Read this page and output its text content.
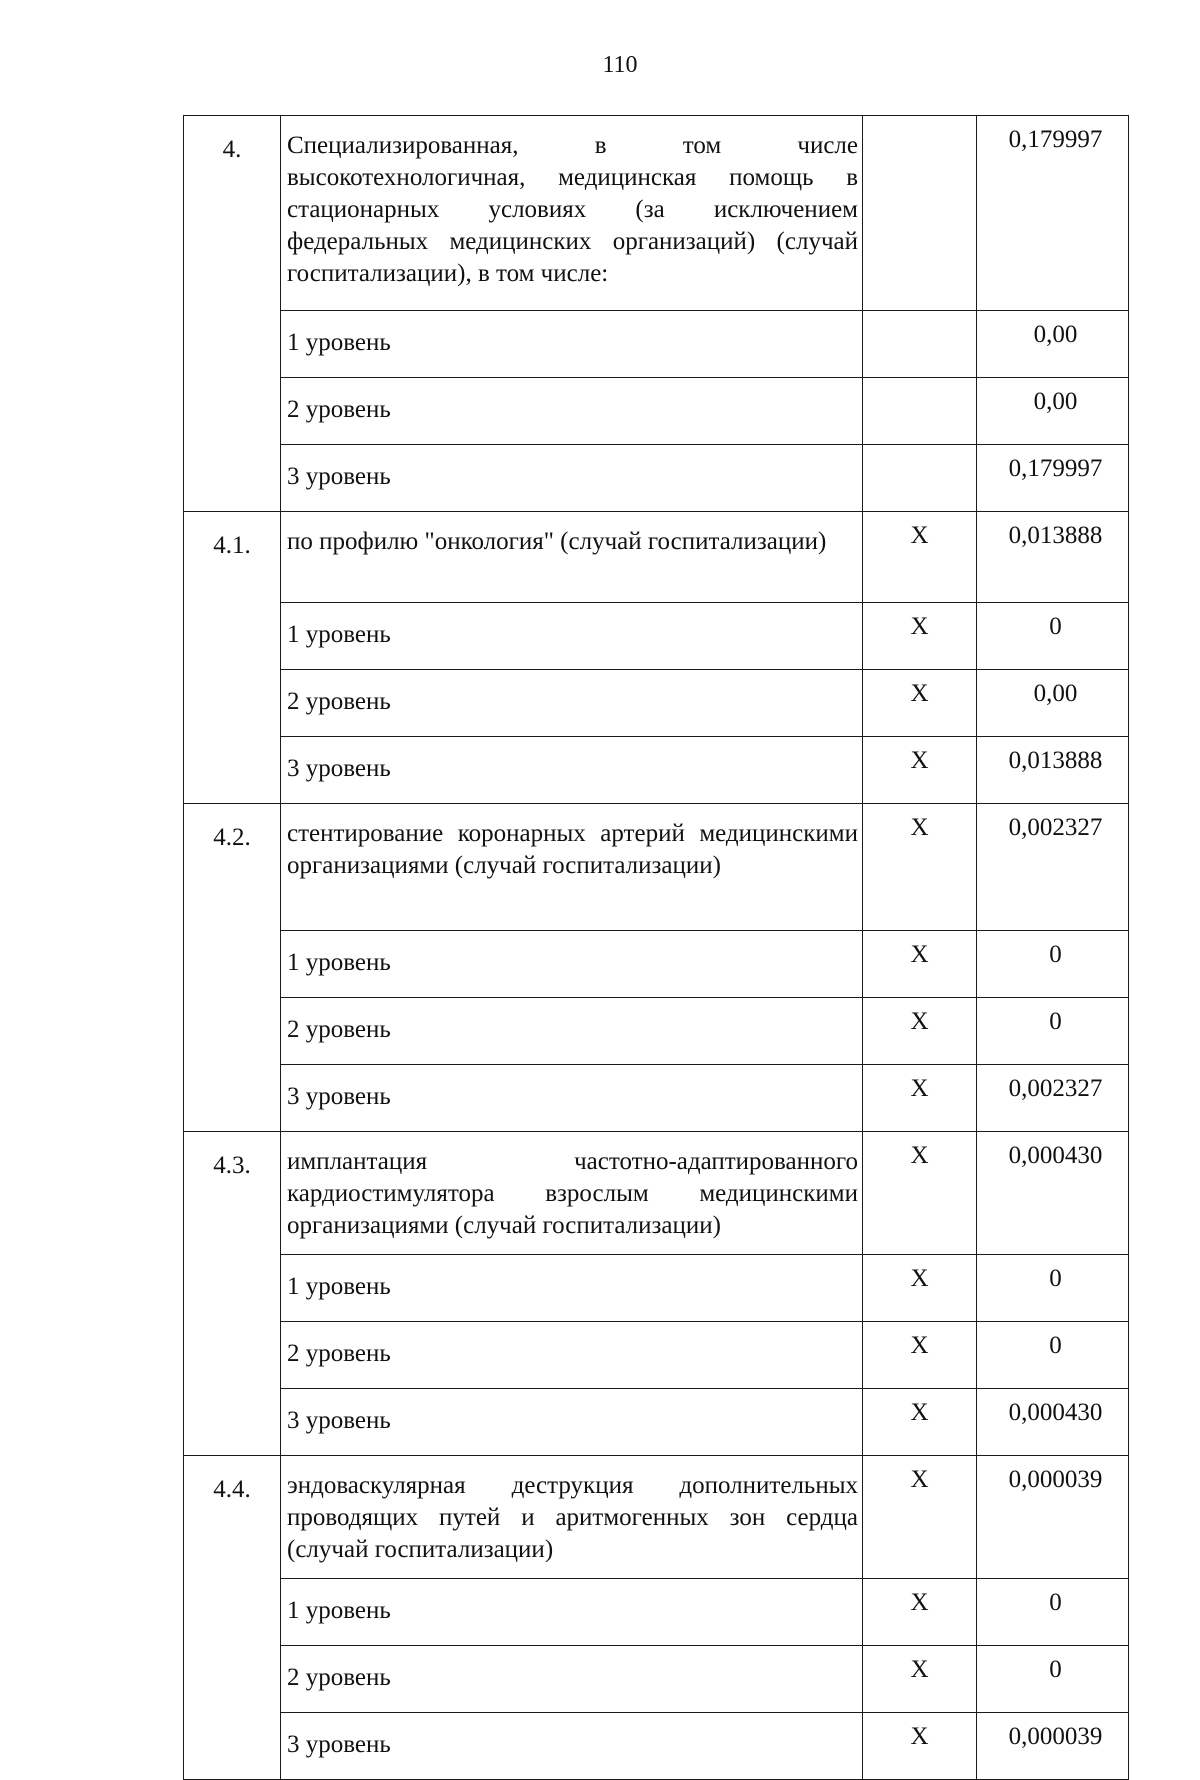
110
4.	Специализированная, в том числе высокотехнологичная, медицинская помощь в стационарных условиях (за исключением федеральных медицинских организаций) (случай госпитализации), в том числе:		0,179997
	1 уровень		0,00
	2 уровень		0,00
	3 уровень		0,179997
4.1.	по профилю "онкология" (случай госпитализации)	Х	0,013888
	1 уровень	Х	0
	2 уровень	Х	0,00
	3 уровень	Х	0,013888
4.2.	стентирование коронарных артерий медицинскими организациями (случай госпитализации)	Х	0,002327
	1 уровень	Х	0
	2 уровень	Х	0
	3 уровень	Х	0,002327
4.3.	имплантация частотно-адаптированного кардиостимулятора взрослым медицинскими организациями (случай госпитализации)	Х	0,000430
	1 уровень	Х	0
	2 уровень	Х	0
	3 уровень	Х	0,000430
4.4.	эндоваскулярная деструкция дополнительных проводящих путей и аритмогенных зон сердца (случай госпитализации)	Х	0,000039
	1 уровень	Х	0
	2 уровень	Х	0
	3 уровень	Х	0,000039
